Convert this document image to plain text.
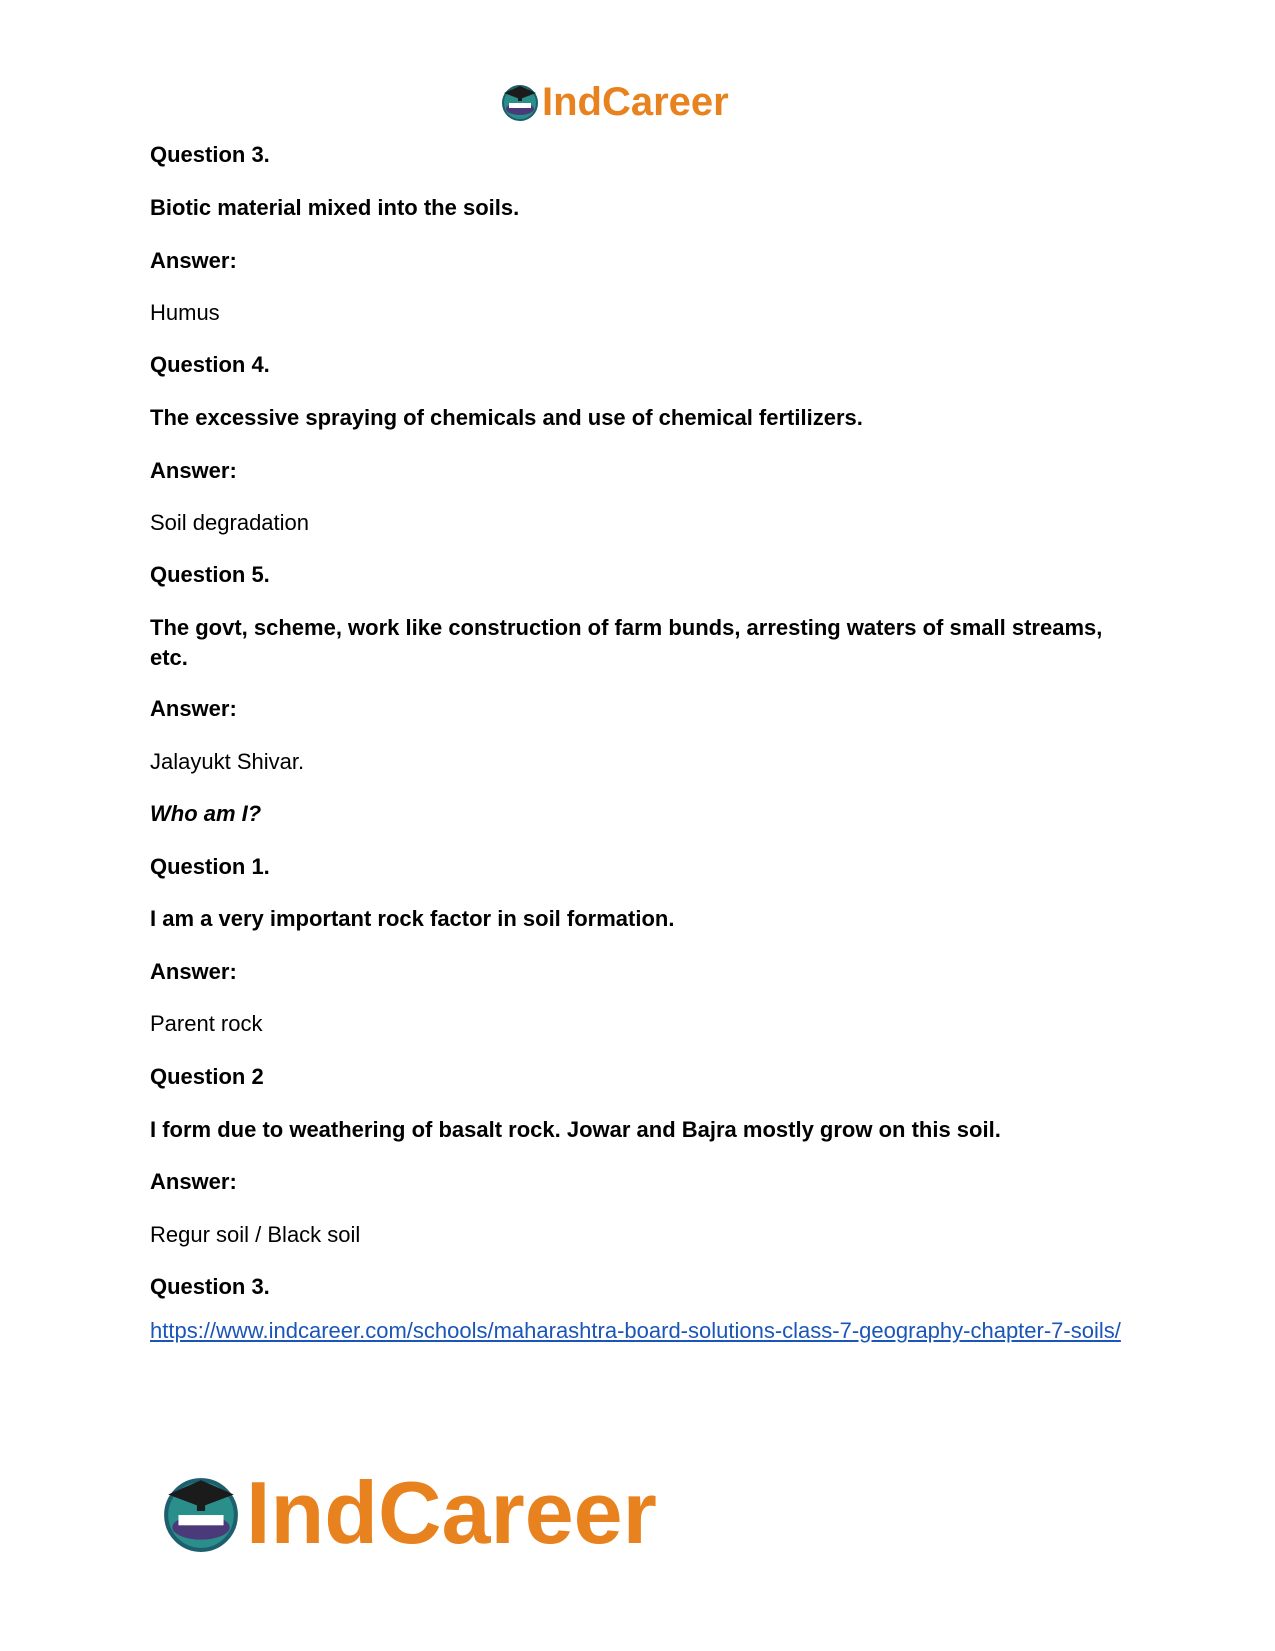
IndCareer
Question 3.
Biotic material mixed into the soils.
Answer:
Humus
Question 4.
The excessive spraying of chemicals and use of chemical fertilizers.
Answer:
Soil degradation
Question 5.
The govt, scheme, work like construction of farm bunds, arresting waters of small streams, etc.
Answer:
Jalayukt Shivar.
Who am I?
Question 1.
I am a very important rock factor in soil formation.
Answer:
Parent rock
Question 2
I form due to weathering of basalt rock. Jowar and Bajra mostly grow on this soil.
Answer:
Regur soil / Black soil
Question 3.
https://www.indcareer.com/schools/maharashtra-board-solutions-class-7-geography-chapter-7-soils/
IndCareer
